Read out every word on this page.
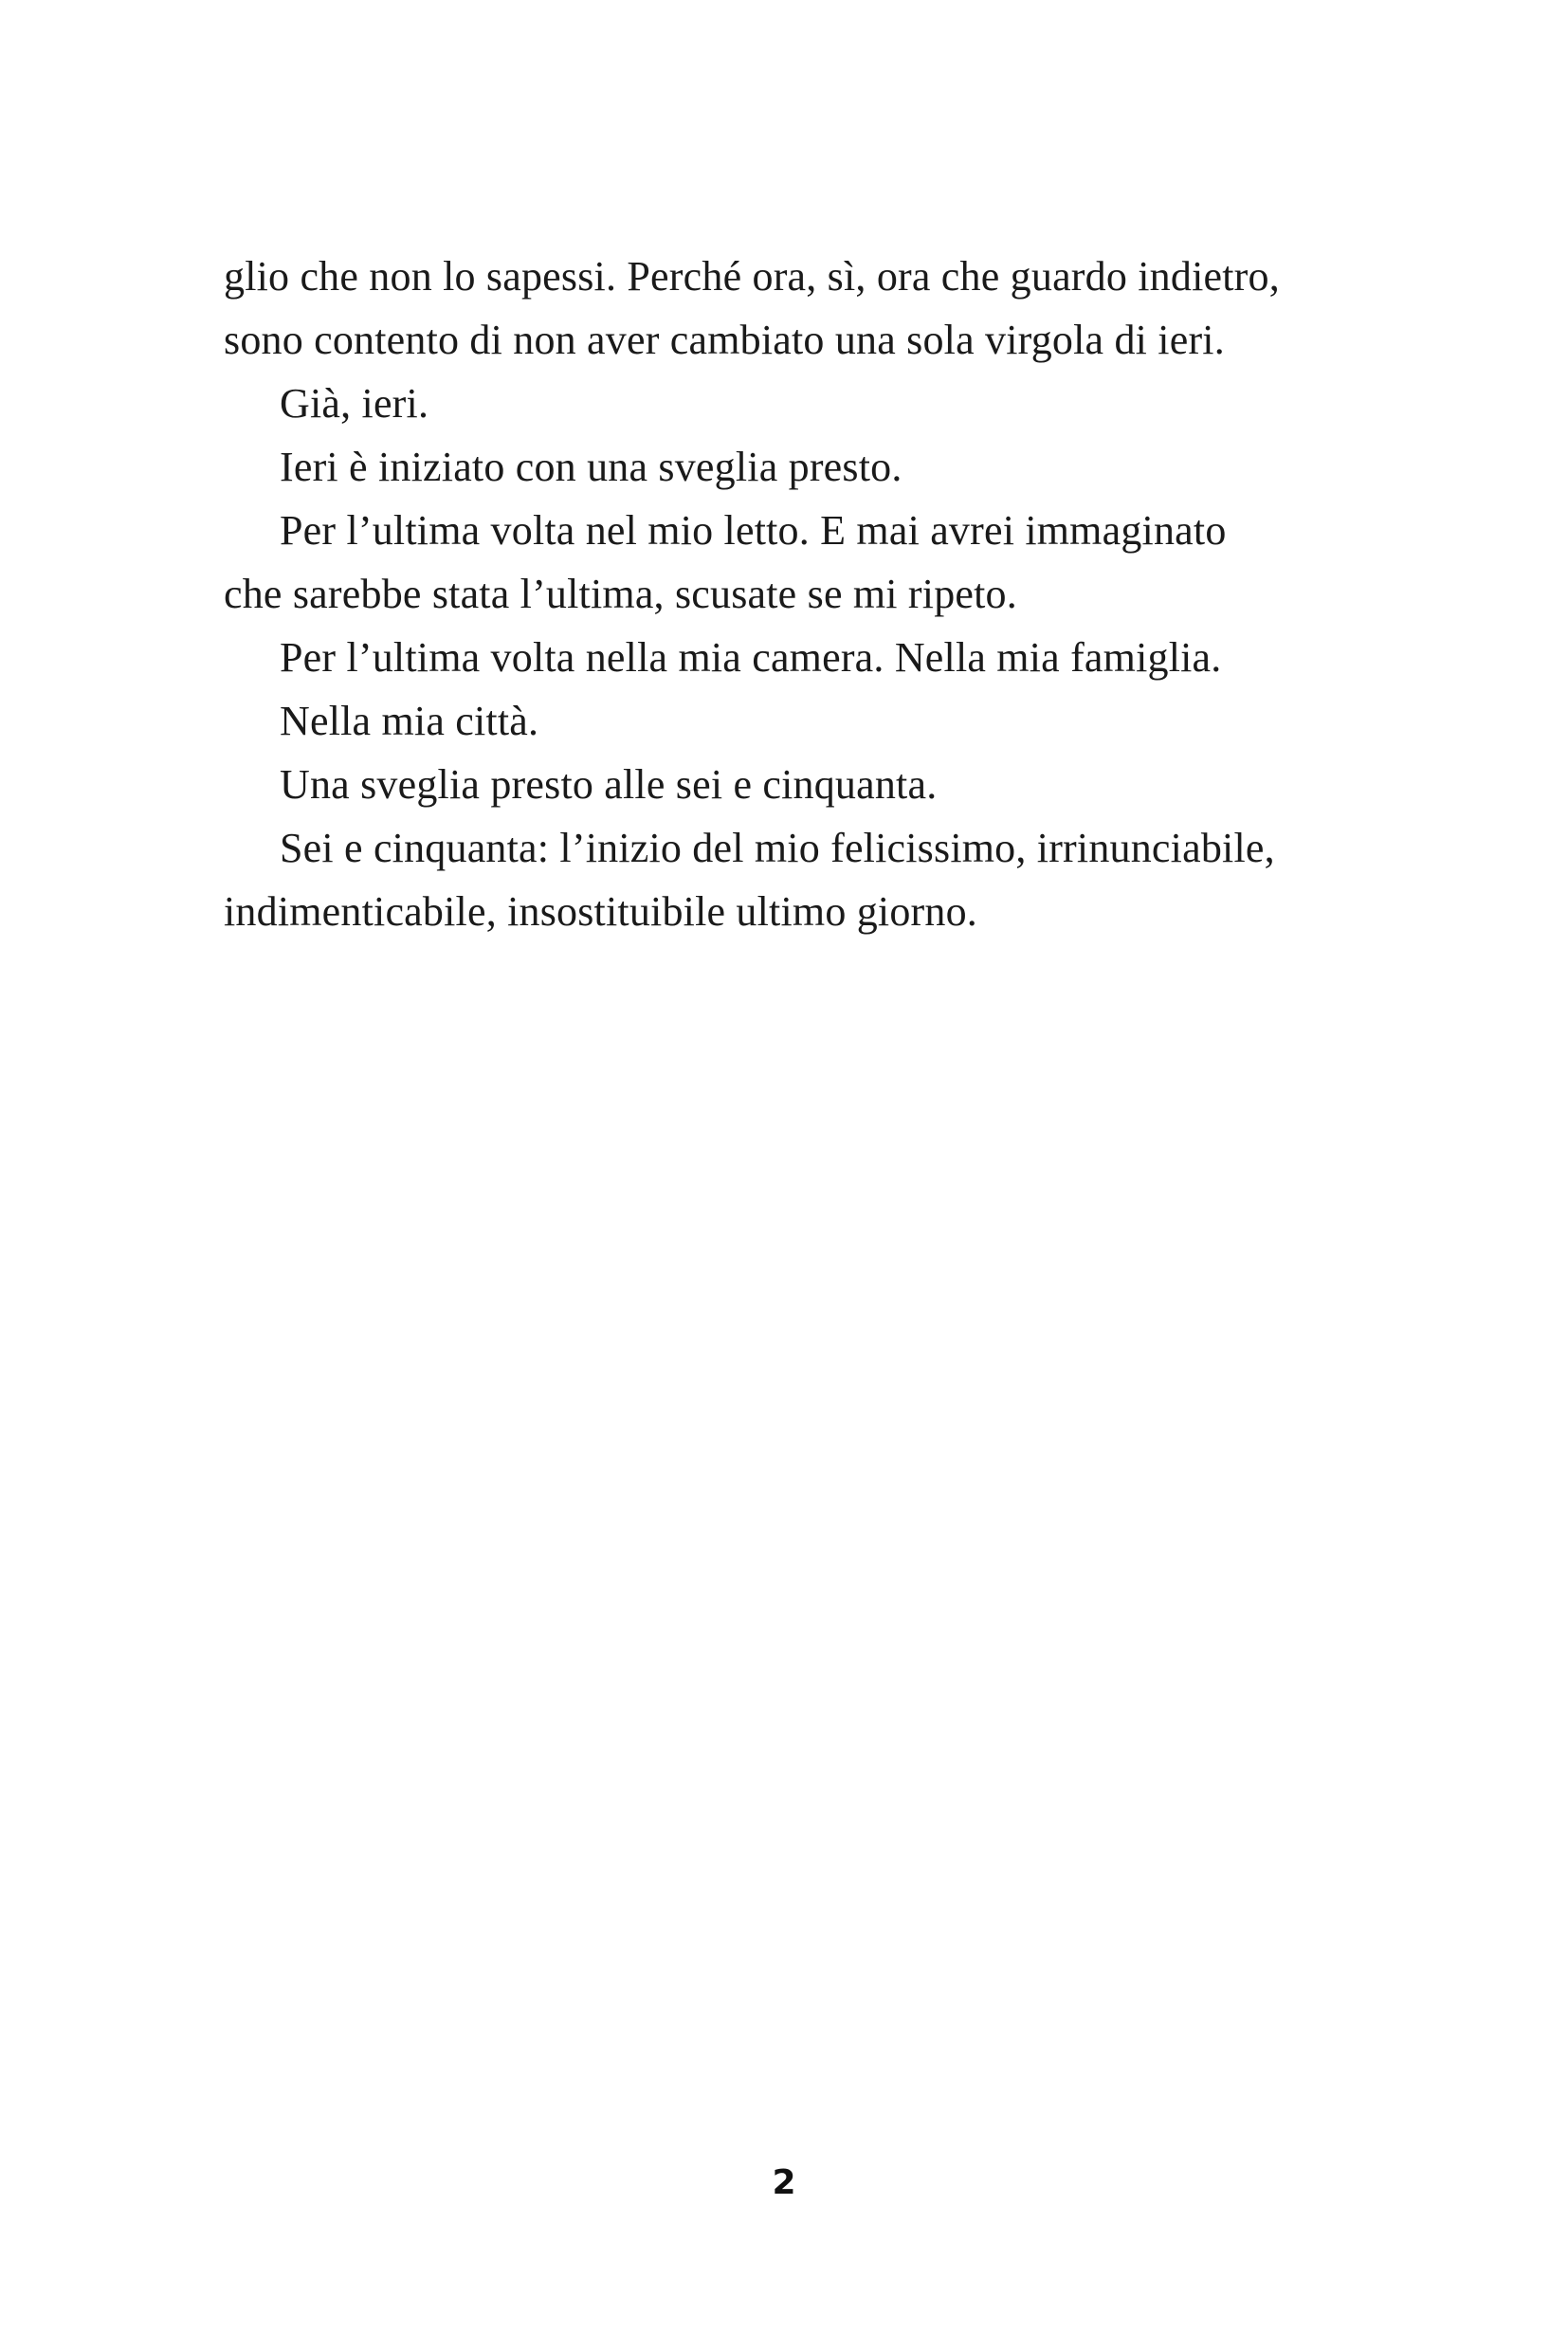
glio che non lo sapessi. Perché ora, sì, ora che guardo indietro,
sono contento di non aver cambiato una sola virgola di ieri.
Già, ieri.
Ieri è iniziato con una sveglia presto.
Per l’ultima volta nel mio letto. E mai avrei immaginato
che sarebbe stata l’ultima, scusate se mi ripeto.
Per l’ultima volta nella mia camera. Nella mia famiglia.
Nella mia città.
Una sveglia presto alle sei e cinquanta.
Sei e cinquanta: l’inizio del mio felicissimo, irrinunciabile,
indimenticabile, insostituibile ultimo giorno.
2
